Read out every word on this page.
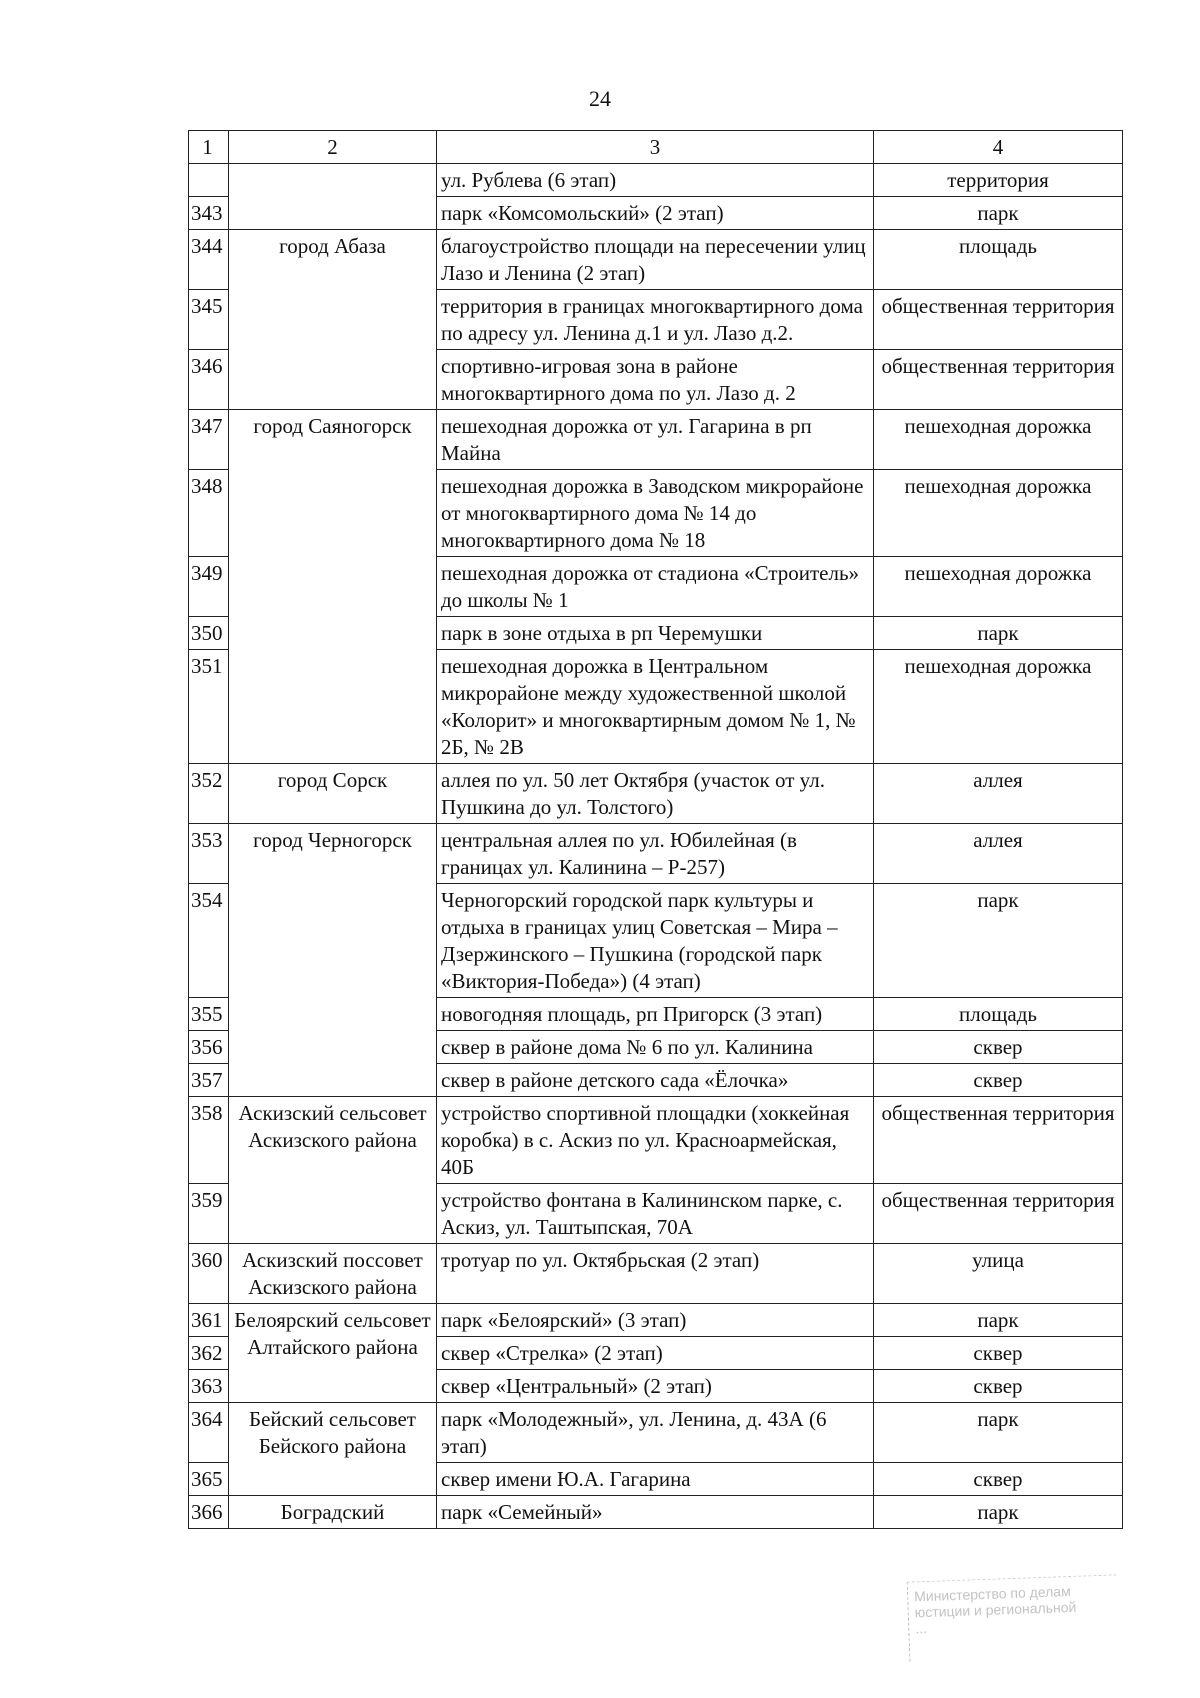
24
1	2	3	4
		ул. Рублева (6 этап)	территория
343		парк «Комсомольский» (2 этап)	парк
344	город Абаза	благоустройство площади на пересечении улиц Лазо и Ленина (2 этап)	площадь
345		территория в границах многоквартирного дома по адресу ул. Ленина д.1 и ул. Лазо д.2.	общественная территория
346		спортивно-игровая зона в районе многоквартирного дома по ул. Лазо д. 2	общественная территория
347	город Саяногорск	пешеходная дорожка от ул. Гагарина в рп Майна	пешеходная дорожка
348		пешеходная дорожка в Заводском микрорайоне от многоквартирного дома № 14 до многоквартирного дома № 18	пешеходная дорожка
349		пешеходная дорожка от стадиона «Строитель» до школы № 1	пешеходная дорожка
350		парк в зоне отдыха в рп Черемушки	парк
351		пешеходная дорожка в Центральном микрорайоне между художественной школой «Колорит» и многоквартирным домом № 1, № 2Б, № 2В	пешеходная дорожка
352	город Сорск	аллея по ул. 50 лет Октября (участок от ул. Пушкина до ул. Толстого)	аллея
353	город Черногорск	центральная аллея по ул. Юбилейная (в границах ул. Калинина – Р-257)	аллея
354		Черногорский городской парк культуры и отдыха в границах улиц Советская – Мира – Дзержинского – Пушкина (городской парк «Виктория-Победа») (4 этап)	парк
355		новогодняя площадь, рп Пригорск (3 этап)	площадь
356		сквер в районе дома № 6 по ул. Калинина	сквер
357		сквер в районе детского сада «Ёлочка»	сквер
358	Аскизский сельсовет Аскизского района	устройство спортивной площадки (хоккейная коробка) в с. Аскиз по ул. Красноармейская, 40Б	общественная территория
359		устройство фонтана в Калининском парке, с. Аскиз, ул. Таштыпская, 70А	общественная территория
360	Аскизский поссовет Аскизского района	тротуар по ул. Октябрьская (2 этап)	улица
361	Белоярский сельсовет Алтайского района	парк «Белоярский» (3 этап)	парк
362		сквер «Стрелка» (2 этап)	сквер
363		сквер «Центральный» (2 этап)	сквер
364	Бейский сельсовет Бейского района	парк «Молодежный», ул. Ленина, д. 43А (6 этап)	парк
365		сквер имени Ю.А. Гагарина	сквер
366	Боградский	парк «Семейный»	парк
Министерство по делам
юстиции и региональной
...
